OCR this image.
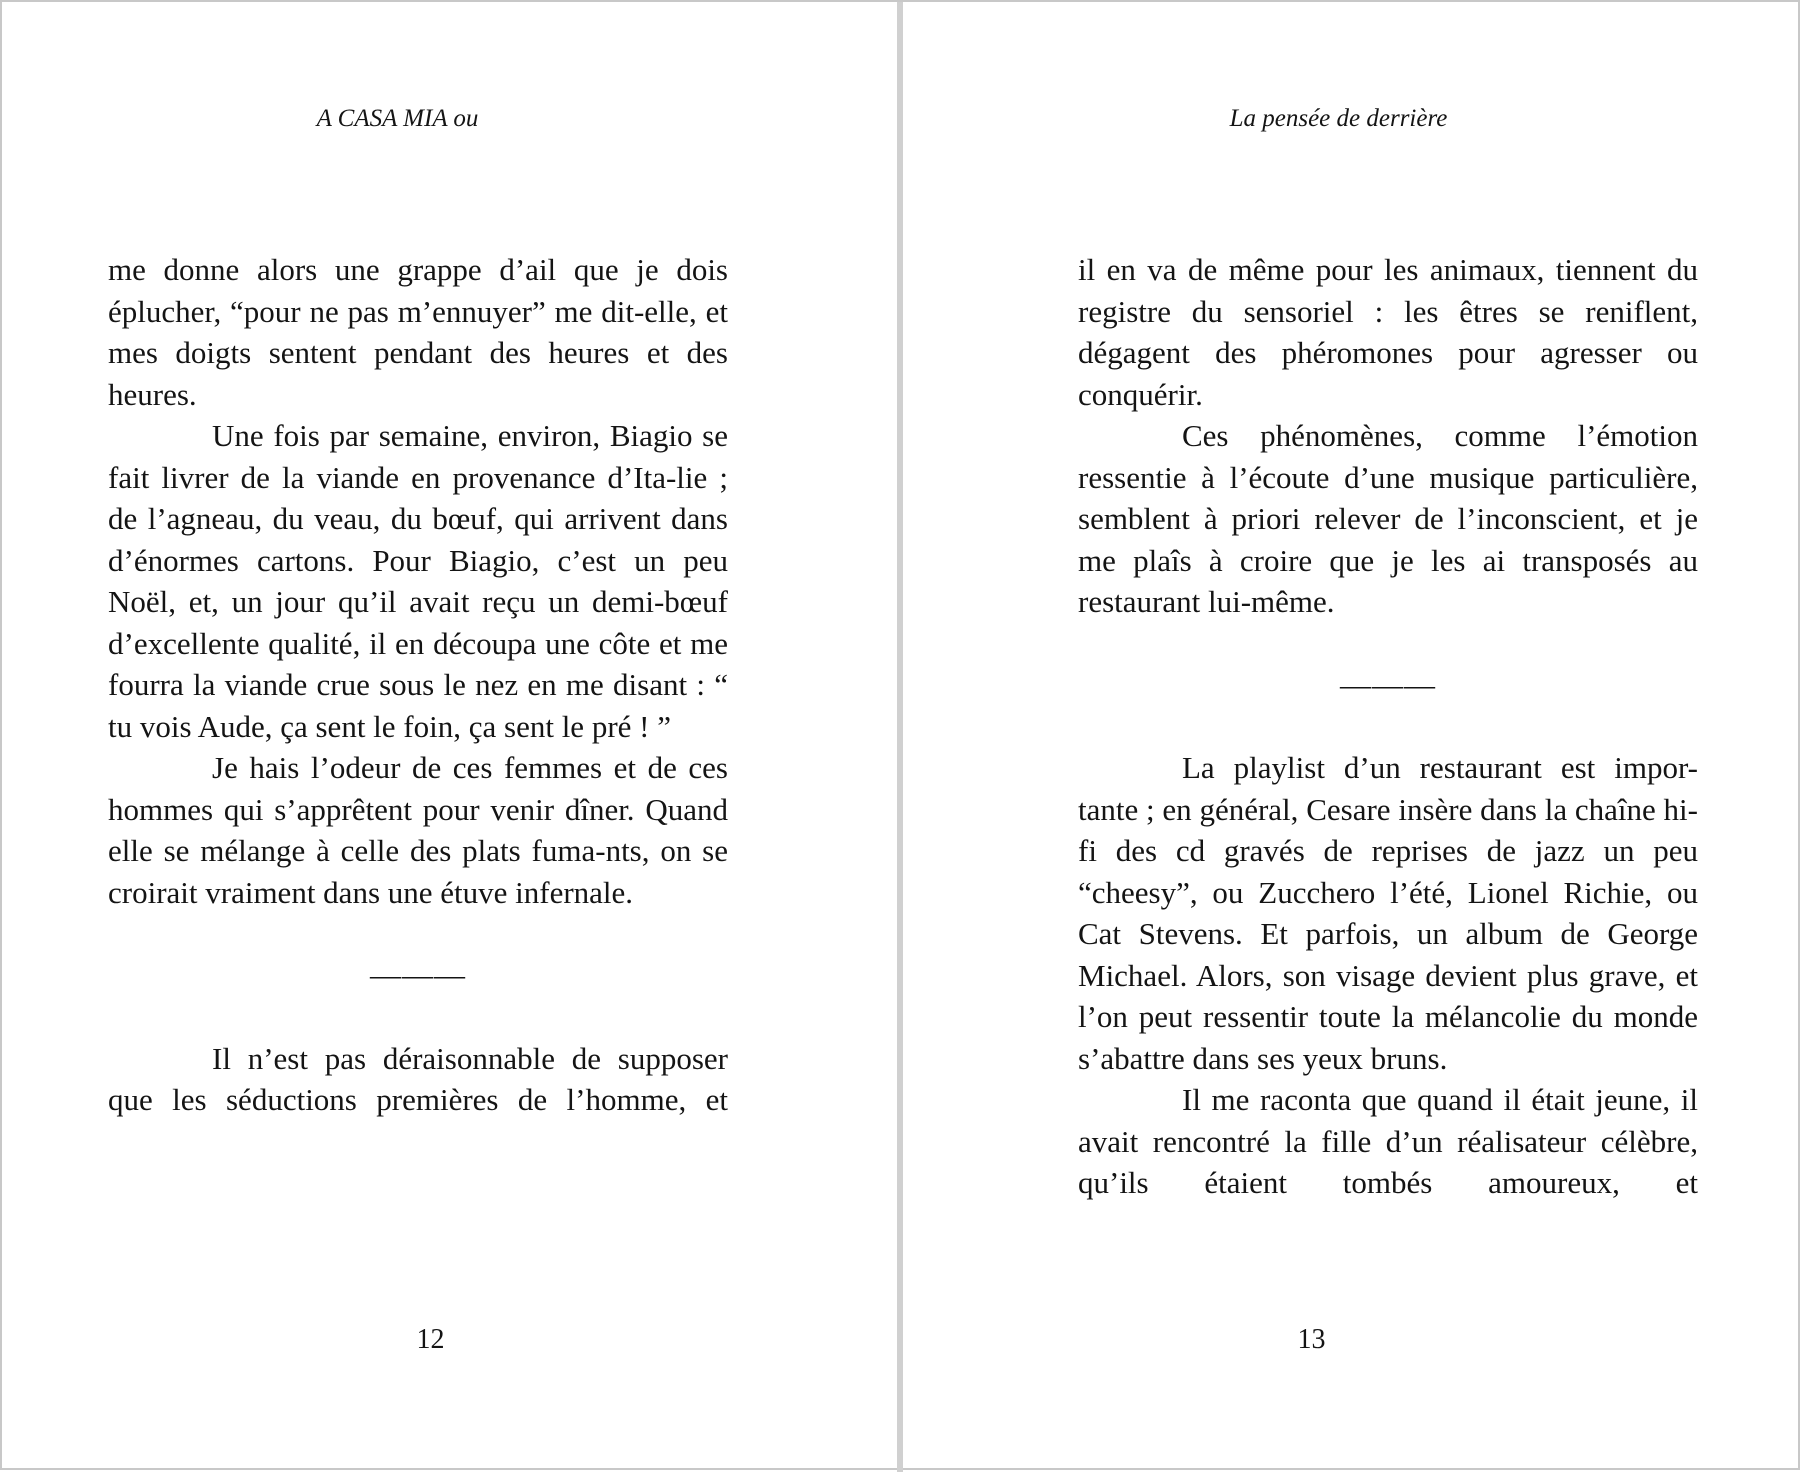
A CASA MIA ou

me donne alors une grappe d’ail que je dois éplucher, “pour ne pas m’ennuyer” me dit-elle, et mes doigts sentent pendant des heures et des heures.

Une fois par semaine, environ, Biagio se fait livrer de la viande en provenance d’Ita-lie ; de l’agneau, du veau, du bœuf, qui arrivent dans d’énormes cartons. Pour Biagio, c’est un peu Noël, et, un jour qu’il avait reçu un demi-bœuf d’excellente qualité, il en découpa une côte et me fourra la viande crue sous le nez en me disant : “ tu vois Aude, ça sent le foin, ça sent le pré ! ”

Je hais l’odeur de ces femmes et de ces hommes qui s’apprêtent pour venir dîner. Quand elle se mélange à celle des plats fuma-nts, on se croirait vraiment dans une étuve infernale.

———

Il n’est pas déraisonnable de supposer que les séductions premières de l’homme, et

12
La pensée de derrière

il en va de même pour les animaux, tiennent du registre du sensoriel : les êtres se reniflent, dégagent des phéromones pour agresser ou conquérir.

Ces phénomènes, comme l’émotion ressentie à l’écoute d’une musique particulière, semblent à priori relever de l’inconscient, et je me plaîs à croire que je les ai transposés au restaurant lui-même.

———

La playlist d’un restaurant est impor-tante ; en général, Cesare insère dans la chaîne hi-fi des cd gravés de reprises de jazz un peu “cheesy”, ou Zucchero l’été, Lionel Richie, ou Cat Stevens. Et parfois, un album de George Michael. Alors, son visage devient plus grave, et l’on peut ressentir toute la mélancolie du monde s’abattre dans ses yeux bruns.

Il me raconta que quand il était jeune, il avait rencontré la fille d’un réalisateur célèbre, qu’ils étaient tombés amoureux, et

13
